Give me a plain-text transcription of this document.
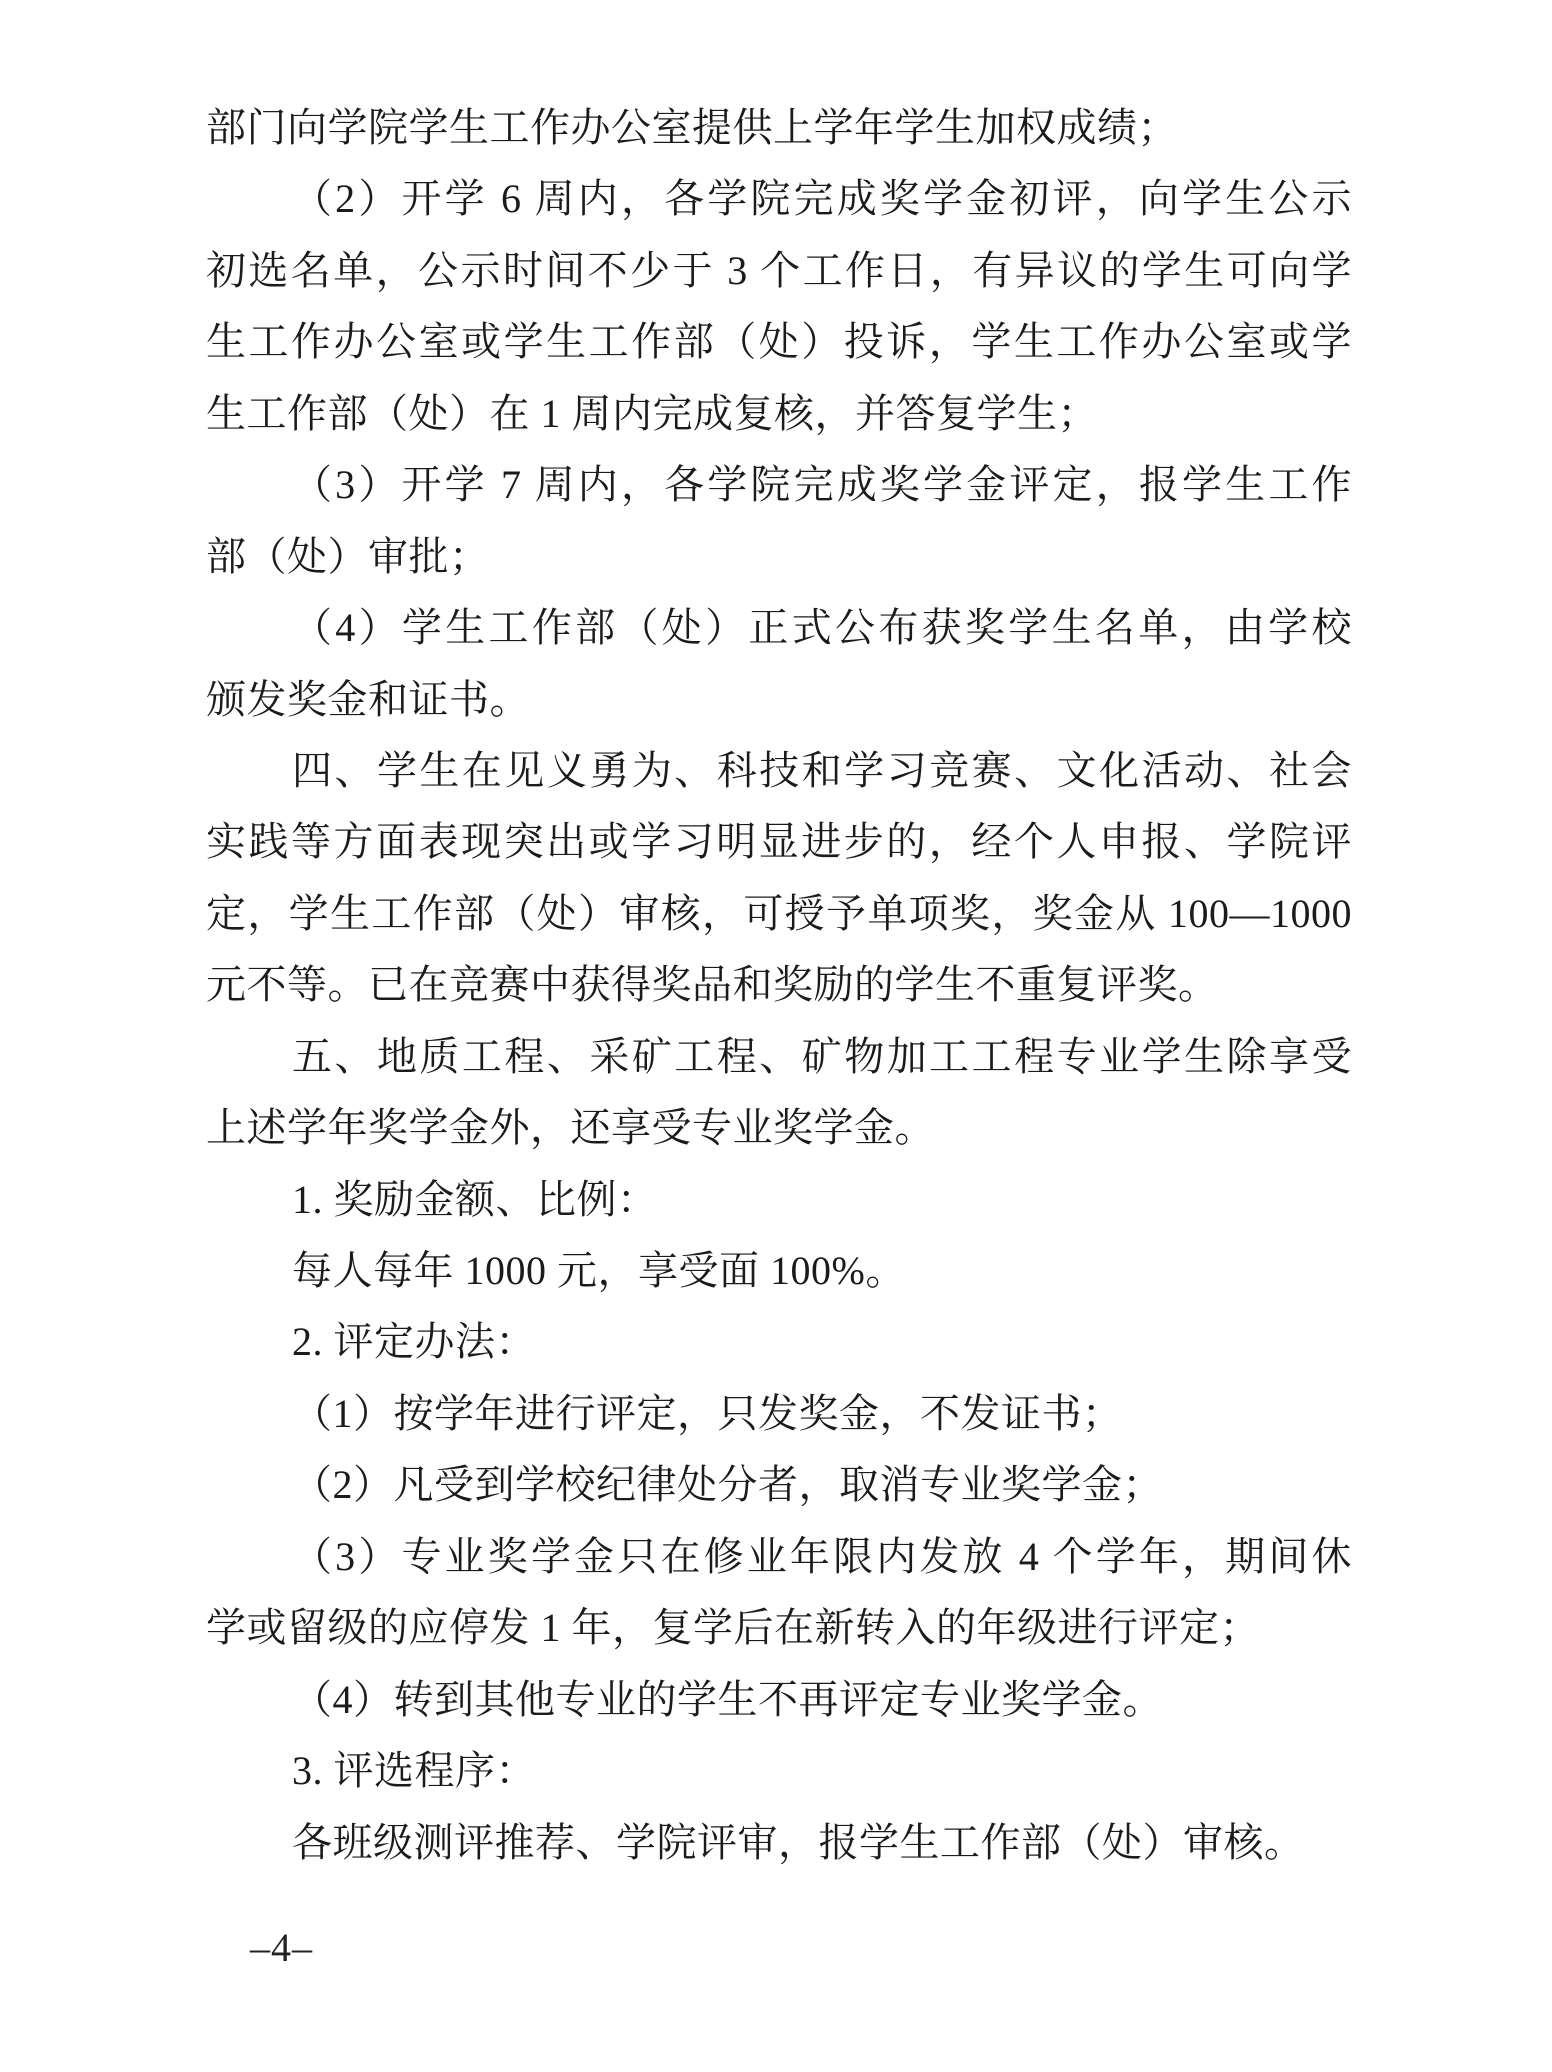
部门向学院学生工作办公室提供上学年学生加权成绩；
（2）开学 6 周内，各学院完成奖学金初评，向学生公示
初选名单，公示时间不少于 3 个工作日，有异议的学生可向学
生工作办公室或学生工作部（处）投诉，学生工作办公室或学
生工作部（处）在 1 周内完成复核，并答复学生；
（3）开学 7 周内，各学院完成奖学金评定，报学生工作
部（处）审批；
（4）学生工作部（处）正式公布获奖学生名单，由学校
颁发奖金和证书。
四、学生在见义勇为、科技和学习竞赛、文化活动、社会
实践等方面表现突出或学习明显进步的，经个人申报、学院评
定，学生工作部（处）审核，可授予单项奖，奖金从 100—1000
元不等。已在竞赛中获得奖品和奖励的学生不重复评奖。
五、地质工程、采矿工程、矿物加工工程专业学生除享受
上述学年奖学金外，还享受专业奖学金。
1. 奖励金额、比例：
每人每年 1000 元，享受面 100%。
2. 评定办法：
（1）按学年进行评定，只发奖金，不发证书；
（2）凡受到学校纪律处分者，取消专业奖学金；
（3）专业奖学金只在修业年限内发放 4 个学年，期间休
学或留级的应停发 1 年，复学后在新转入的年级进行评定；
（4）转到其他专业的学生不再评定专业奖学金。
3. 评选程序：
各班级测评推荐、学院评审，报学生工作部（处）审核。
–4–
